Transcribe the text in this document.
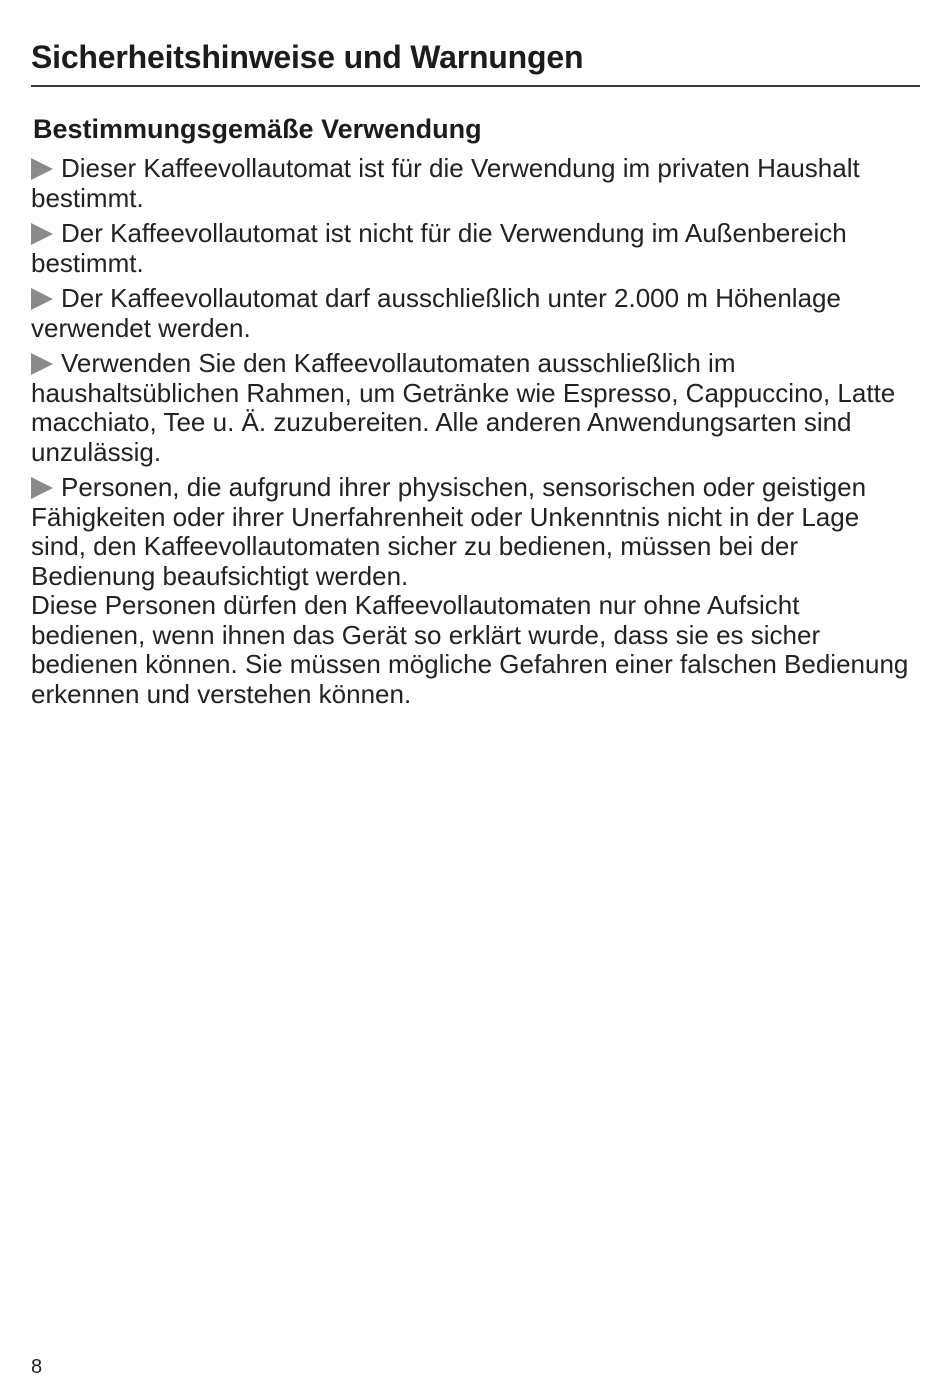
Sicherheitshinweise und Warnungen
Bestimmungsgemäße Verwendung

Dieser Kaffeevollautomat ist für die Verwendung im privaten Haushalt bestimmt.

Der Kaffeevollautomat ist nicht für die Verwendung im Außenbereich bestimmt.

Der Kaffeevollautomat darf ausschließlich unter 2.000 m Höhenlage verwendet werden.

Verwenden Sie den Kaffeevollautomaten ausschließlich im haushaltsüblichen Rahmen, um Getränke wie Espresso, Cappuccino, Latte macchiato, Tee u. Ä. zuzubereiten. Alle anderen Anwendungsarten sind unzulässig.

Personen, die aufgrund ihrer physischen, sensorischen oder geistigen Fähigkeiten oder ihrer Unerfahrenheit oder Unkenntnis nicht in der Lage sind, den Kaffeevollautomaten sicher zu bedienen, müssen bei der Bedienung beaufsichtigt werden.

Diese Personen dürfen den Kaffeevollautomaten nur ohne Aufsicht bedienen, wenn ihnen das Gerät so erklärt wurde, dass sie es sicher bedienen können. Sie müssen mögliche Gefahren einer falschen Bedienung erkennen und verstehen können.

8
